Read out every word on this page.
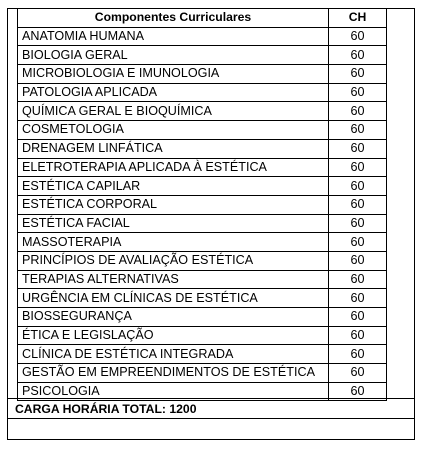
Componentes Curriculares	CH
ANATOMIA HUMANA	60
BIOLOGIA GERAL	60
MICROBIOLOGIA E IMUNOLOGIA	60
PATOLOGIA APLICADA	60
QUÍMICA GERAL E BIOQUÍMICA	60
COSMETOLOGIA	60
DRENAGEM LINFÁTICA	60
ELETROTERAPIA APLICADA À ESTÉTICA	60
ESTÉTICA CAPILAR	60
ESTÉTICA CORPORAL	60
ESTÉTICA FACIAL	60
MASSOTERAPIA	60
PRINCÍPIOS DE AVALIAÇÃO ESTÉTICA	60
TERAPIAS ALTERNATIVAS	60
URGÊNCIA EM CLÍNICAS DE ESTÉTICA	60
BIOSSEGURANÇA	60
ÉTICA E LEGISLAÇÃO	60
CLÍNICA DE ESTÉTICA INTEGRADA	60
GESTÃO EM EMPREENDIMENTOS DE ESTÉTICA	60
PSICOLOGIA	60
CARGA HORÁRIA TOTAL: 1200
